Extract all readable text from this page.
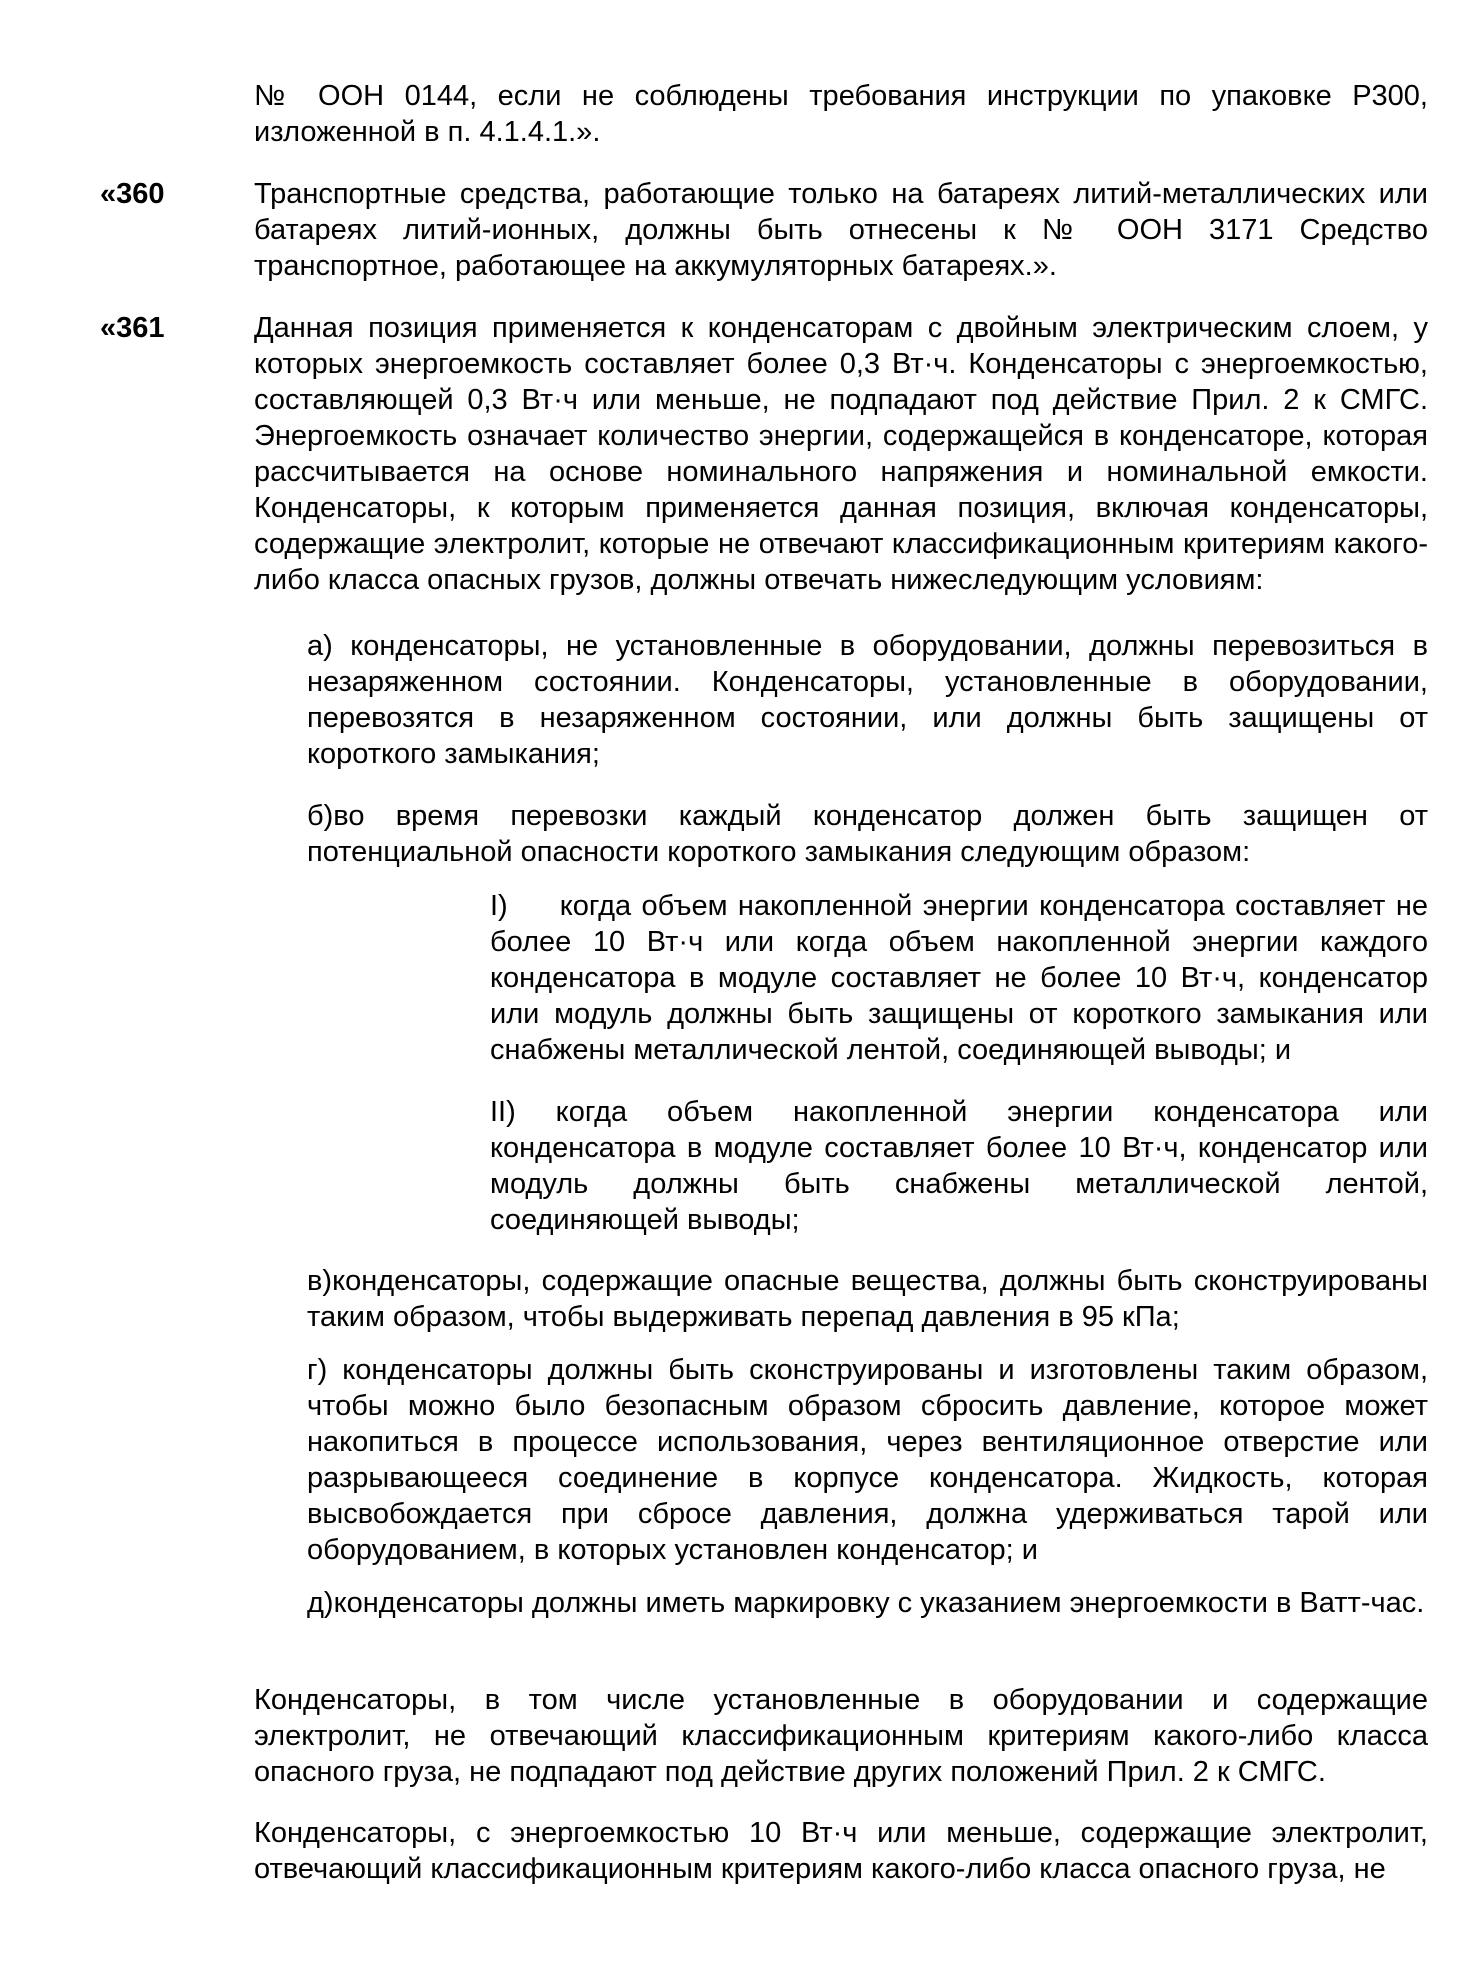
№ ООН 0144, если не соблюдены требования инструкции по упаковке Р300, изложенной в п. 4.1.4.1.».

«360	Транспортные средства, работающие только на батареях литий-металлических или батареях литий-ионных, должны быть отнесены к № ООН 3171 Средство транспортное, работающее на аккумуляторных батареях.».

«361	Данная позиция применяется к конденсаторам с двойным электрическим слоем, у которых энергоемкость составляет более 0,3 Вт·ч. Конденсаторы с энергоемкостью, составляющей 0,3 Вт·ч или меньше, не подпадают под действие Прил. 2 к СМГС. Энергоемкость означает количество энергии, содержащейся в конденсаторе, которая рассчитывается на основе номинального напряжения и номинальной емкости. Конденсаторы, к которым применяется данная позиция, включая конденсаторы, содержащие электролит, которые не отвечают классификационным критериям какого-либо класса опасных грузов, должны отвечать нижеследующим условиям:

а) конденсаторы, не установленные в оборудовании, должны перевозиться в незаряженном состоянии. Конденсаторы, установленные в оборудовании, перевозятся в незаряженном состоянии, или должны быть защищены от короткого замыкания;

б)во время перевозки каждый конденсатор должен быть защищен от потенциальной опасности короткого замыкания следующим образом:

I)     когда объем накопленной энергии конденсатора составляет не более 10 Вт·ч или когда объем накопленной энергии каждого конденсатора в модуле составляет не более 10 Вт·ч, конденсатор или модуль должны быть защищены от короткого замыкания или снабжены металлической лентой, соединяющей выводы; и

II) когда объем накопленной энергии конденсатора или конденсатора в модуле составляет более 10 Вт·ч, конденсатор или модуль должны быть снабжены металлической лентой, соединяющей выводы;

в)конденсаторы, содержащие опасные вещества, должны быть сконструированы таким образом, чтобы выдерживать перепад давления в 95 кПа;

г) конденсаторы должны быть сконструированы и изготовлены таким образом, чтобы можно было безопасным образом сбросить давление, которое может накопиться в процессе использования, через вентиляционное отверстие или разрывающееся соединение в корпусе конденсатора. Жидкость, которая высвобождается при сбросе давления, должна удерживаться тарой или оборудованием, в которых установлен конденсатор; и

д)конденсаторы должны иметь маркировку с указанием энергоемкости в Ватт-час.

Конденсаторы, в том числе установленные в оборудовании и содержащие электролит, не отвечающий классификационным критериям какого-либо класса опасного груза, не подпадают под действие других положений Прил. 2 к СМГС.

Конденсаторы, с энергоемкостью 10 Вт·ч или меньше, содержащие электролит, отвечающий классификационным критериям какого-либо класса опасного груза, не
